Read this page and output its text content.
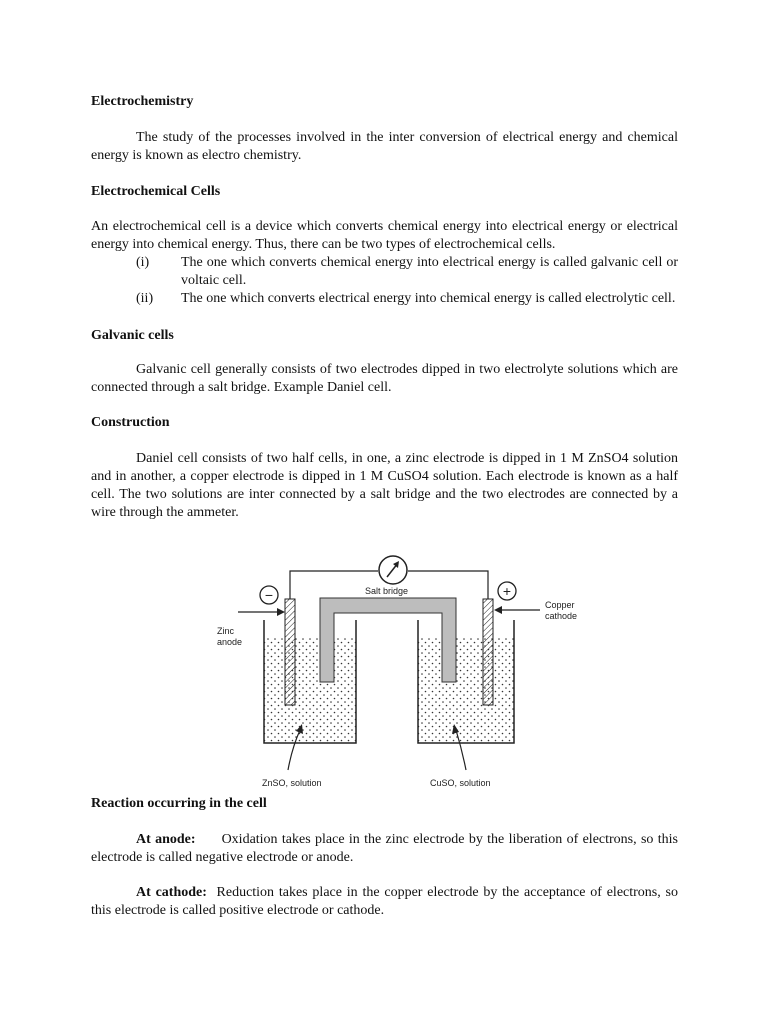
Electrochemistry

The study of the processes involved in the inter conversion of electrical energy and chemical energy is known as electro chemistry.

Electrochemical Cells

An electrochemical cell is a device which converts chemical energy into electrical energy or electrical energy into chemical energy. Thus, there can be two types of electrochemical cells.

(i) The one which converts chemical energy into electrical energy is called galvanic cell or voltaic cell.
(ii) The one which converts electrical energy into chemical energy is called electrolytic cell.
Galvanic cells

Galvanic cell generally consists of two electrodes dipped in two electrolyte solutions which are connected through a salt bridge. Example Daniel cell.

Construction

Daniel cell consists of two half cells, in one, a zinc electrode is dipped in 1 M ZnSO4 solution and in another, a copper electrode is dipped in 1 M CuSO4 solution. Each electrode is known as a half cell. The two solutions are inter connected by a salt bridge and the two electrodes are connected by a wire through the ammeter.

Reaction occurring in the cell

At anode: Oxidation takes place in the zinc electrode by the liberation of electrons, so this electrode is called negative electrode or anode.

At cathode: Reduction takes place in the copper electrode by the acceptance of electrons, so this electrode is called positive electrode or cathode.

−	+
Salt bridge
Zinc
anode
Copper
cathode
ZnSO, solution	CuSO, solution
